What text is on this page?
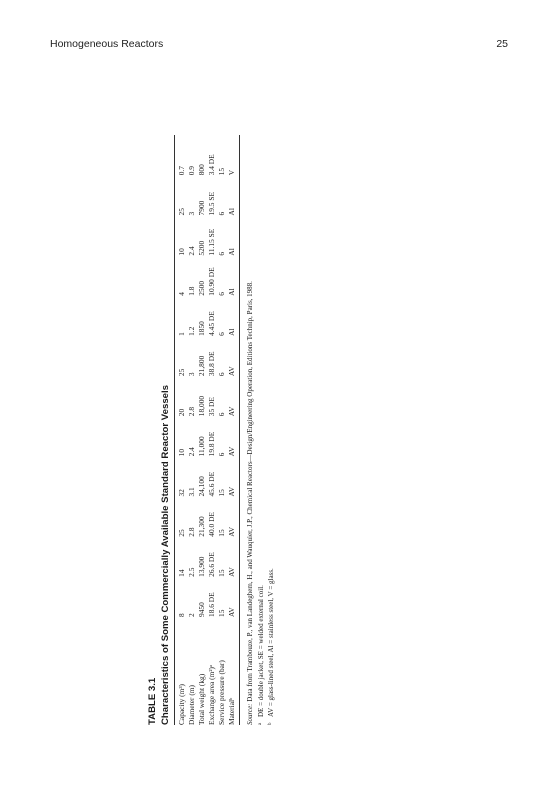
Homogeneous Reactors	25
TABLE 3.1 Characteristics of Some Commercially Available Standard Reactor Vessels Capacity (m³)	8	14	25	32	10	20	25	1	4	10	25	0.7
Diameter (m)	2	2.5	2.8	3.1	2.4	2.8	3	1.2	1.8	2.4	3	0.9
Total weight (kg)	9450	13,900	21,300	24,100	11,000	18,000	21,800	1850	2500	5200	7900	800
Exchange area (m²)ᵃ	18.6 DE	26.6 DE	40.0 DE	45.6 DE	19.8 DE	35 DE	38.8 DE	4.45 DE	10.90 DE	11.15 SE	19.5 SE	3.4 DE
Service pressure (bar)	15	15	15	15	6	6	6	6	6	6	6	15
Materialᵇ	AV	AV	AV	AV	AV	AV	AV	Al	Al	Al	Al	V
Source: Data from Trambouze, P., van Landeghem, H., and Wauquier, J.P., Chemical Reactors—Design/Engineering Operation, Editions Technip, Paris, 1988.
aDE = double jacket, SE = welded external coil.
bAV = glass-lined steel, Al = stainless steel, V = glass.
